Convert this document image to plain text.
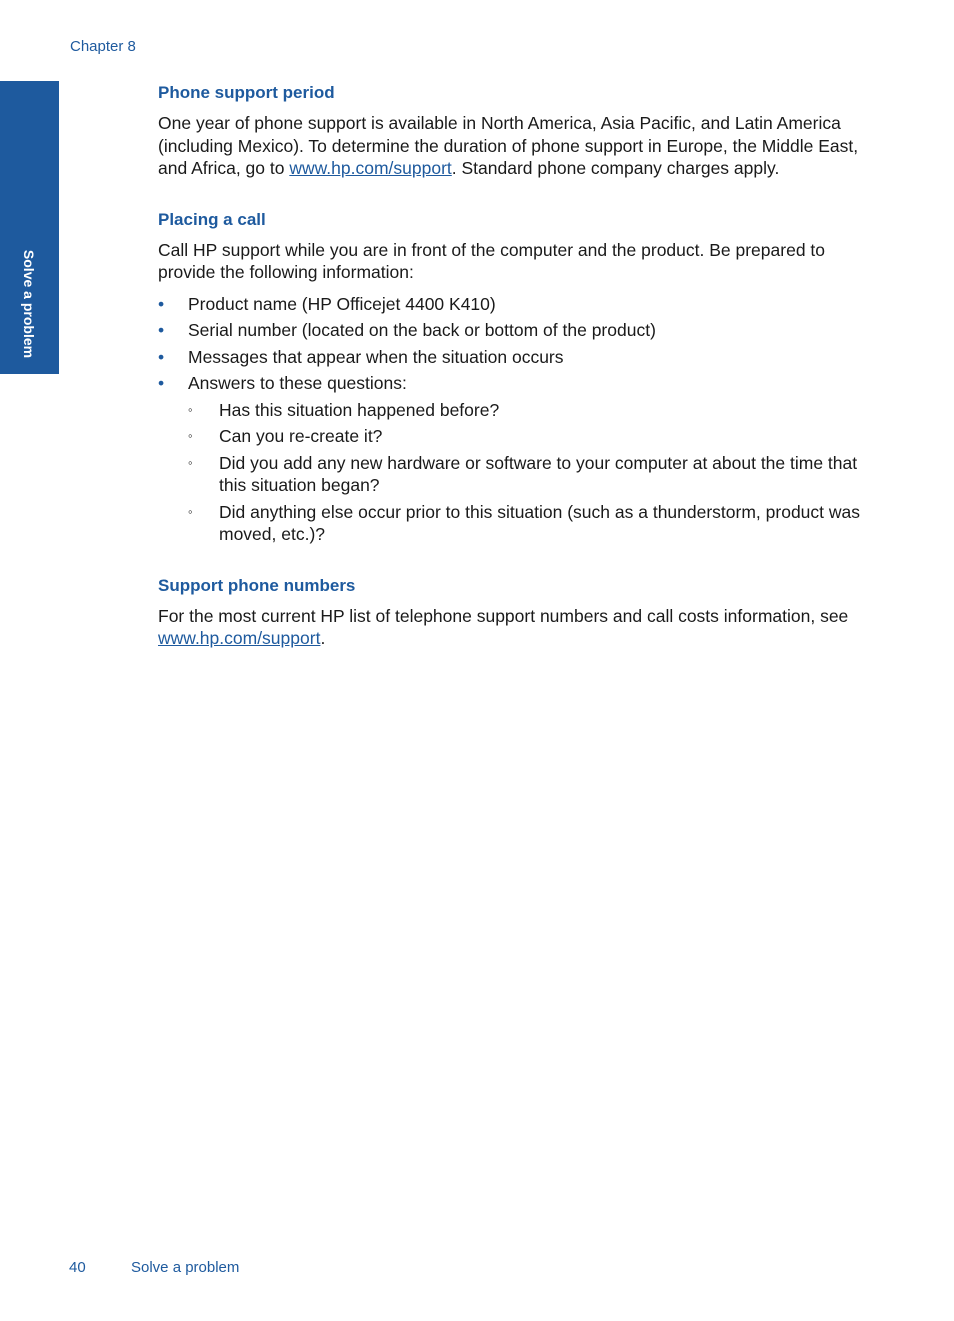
Chapter 8
Solve a problem
Phone support period

One year of phone support is available in North America, Asia Pacific, and Latin America (including Mexico). To determine the duration of phone support in Europe, the Middle East, and Africa, go to www.hp.com/support. Standard phone company charges apply.

Placing a call

Call HP support while you are in front of the computer and the product. Be prepared to provide the following information:

• Product name (HP Officejet 4400 K410)
• Serial number (located on the back or bottom of the product)
• Messages that appear when the situation occurs
• Answers to these questions:
◦ Has this situation happened before?
◦ Can you re-create it?
◦ Did you add any new hardware or software to your computer at about the time that this situation began?
◦ Did anything else occur prior to this situation (such as a thunderstorm, product was moved, etc.)?
Support phone numbers

For the most current HP list of telephone support numbers and call costs information, see www.hp.com/support.

40	Solve a problem
